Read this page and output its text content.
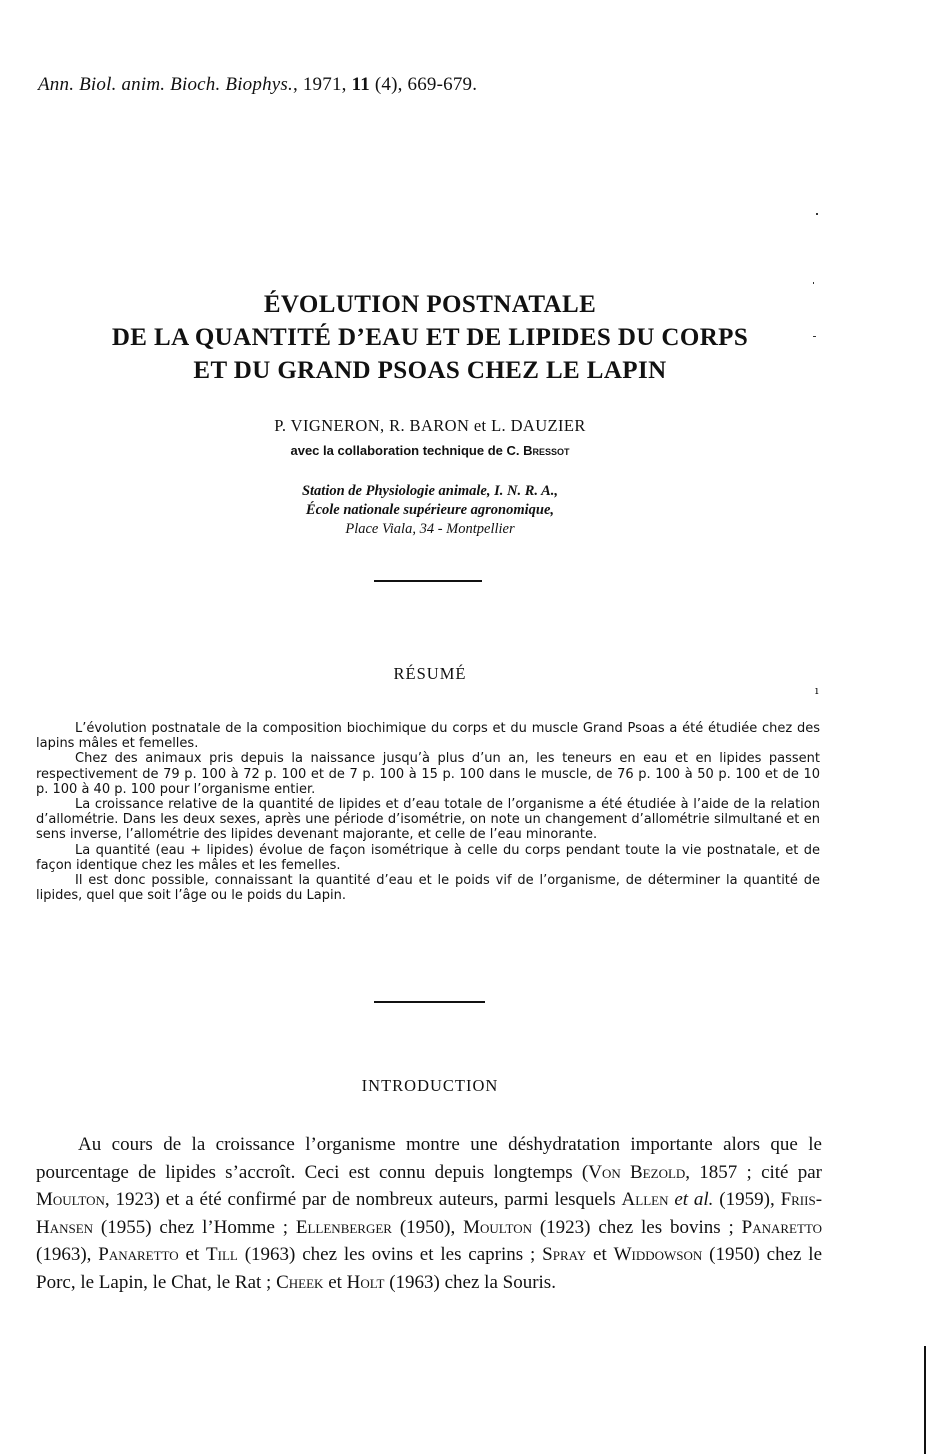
Ann. Biol. anim. Bioch. Biophys., 1971, 11 (4), 669-679.
ÉVOLUTION POSTNATALE
DE LA QUANTITÉ D’EAU ET DE LIPIDES DU CORPS
ET DU GRAND PSOAS CHEZ LE LAPIN
P. VIGNERON, R. BARON et L. DAUZIER
avec la collaboration technique de C. Bressot
Station de Physiologie animale, I. N. R. A.,
École nationale supérieure agronomique,
Place Viala, 34 - Montpellier
RÉSUMÉ
ı

L’évolution postnatale de la composition biochimique du corps et du muscle Grand Psoas a été étudiée chez des lapins mâles et femelles.

Chez des animaux pris depuis la naissance jusqu’à plus d’un an, les teneurs en eau et en lipides passent respectivement de 79 p. 100 à 72 p. 100 et de 7 p. 100 à 15 p. 100 dans le muscle, de 76 p. 100 à 50 p. 100 et de 10 p. 100 à 40 p. 100 pour l’organisme entier.

La croissance relative de la quantité de lipides et d’eau totale de l’organisme a été étudiée à l’aide de la relation d’allométrie. Dans les deux sexes, après une période d’isométrie, on note un changement d’allométrie silmultané et en sens inverse, l’allométrie des lipides devenant majorante, et celle de l’eau minorante.

La quantité (eau + lipides) évolue de façon isométrique à celle du corps pendant toute la vie postnatale, et de façon identique chez les mâles et les femelles.

Il est donc possible, connaissant la quantité d’eau et le poids vif de l’organisme, de déterminer la quantité de lipides, quel que soit l’âge ou le poids du Lapin.

INTRODUCTION

Au cours de la croissance l’organisme montre une déshydratation importante alors que le pourcentage de lipides s’accroît. Ceci est connu depuis longtemps (Von Bezold, 1857 ; cité par Moulton, 1923) et a été confirmé par de nombreux auteurs, parmi lesquels Allen et al. (1959), Friis-Hansen (1955) chez l’Homme ; Ellenberger (1950), Moulton (1923) chez les bovins ; Panaretto (1963), Panaretto et Till (1963) chez les ovins et les caprins ; Spray et Widdowson (1950) chez le Porc, le Lapin, le Chat, le Rat ; Cheek et Holt (1963) chez la Souris.
